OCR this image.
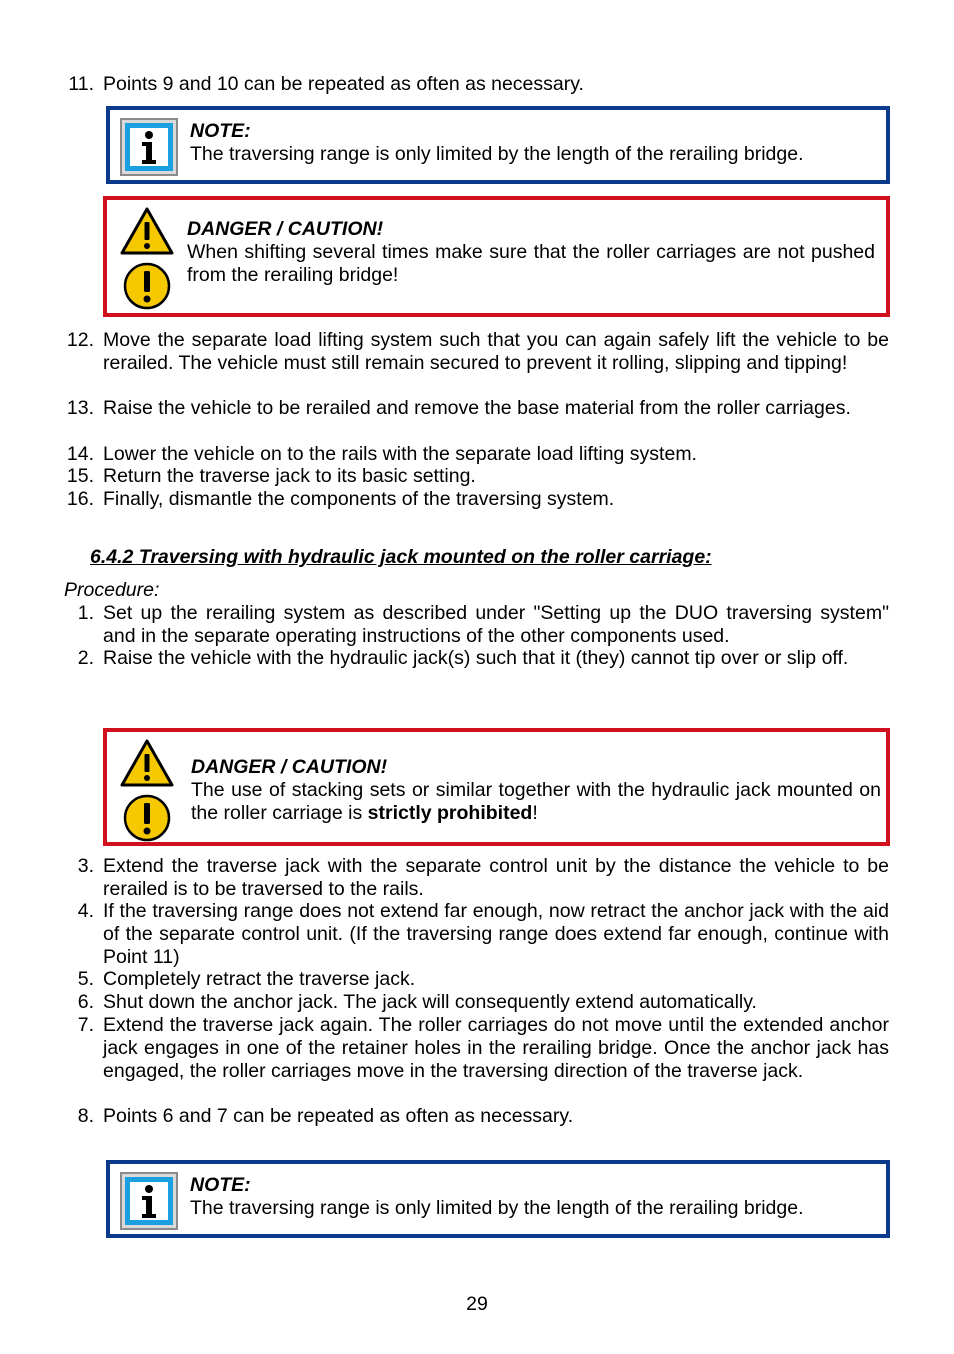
11. Points 9 and 10 can be repeated as often as necessary.
NOTE:
The traversing range is only limited by the length of the rerailing bridge.
DANGER / CAUTION!
When shifting several times make sure that the roller carriages are not pushed from the rerailing bridge!
12. Move the separate load lifting system such that you can again safely lift the vehicle to be rerailed. The vehicle must still remain secured to prevent it rolling, slipping and tipping!
13. Raise the vehicle to be rerailed and remove the base material from the roller carriages.
14. Lower the vehicle on to the rails with the separate load lifting system.
15. Return the traverse jack to its basic setting.
16. Finally, dismantle the components of the traversing system.
6.4.2 Traversing with hydraulic jack mounted on the roller carriage:
Procedure:
1. Set up the rerailing system as described under "Setting up the DUO traversing system" and in the separate operating instructions of the other components used.
2. Raise the vehicle with the hydraulic jack(s) such that it (they) cannot tip over or slip off.
DANGER / CAUTION!
The use of stacking sets or similar together with the hydraulic jack mounted on the roller carriage is strictly prohibited!
3. Extend the traverse jack with the separate control unit by the distance the vehicle to be rerailed is to be traversed to the rails.
4. If the traversing range does not extend far enough, now retract the anchor jack with the aid of the separate control unit. (If the traversing range does extend far enough, continue with Point 11)
5. Completely retract the traverse jack.
6. Shut down the anchor jack. The jack will consequently extend automatically.
7. Extend the traverse jack again. The roller carriages do not move until the extended anchor jack engages in one of the retainer holes in the rerailing bridge. Once the anchor jack has engaged, the roller carriages move in the traversing direction of the traverse jack.
8. Points 6 and 7 can be repeated as often as necessary.
NOTE:
The traversing range is only limited by the length of the rerailing bridge.
29
